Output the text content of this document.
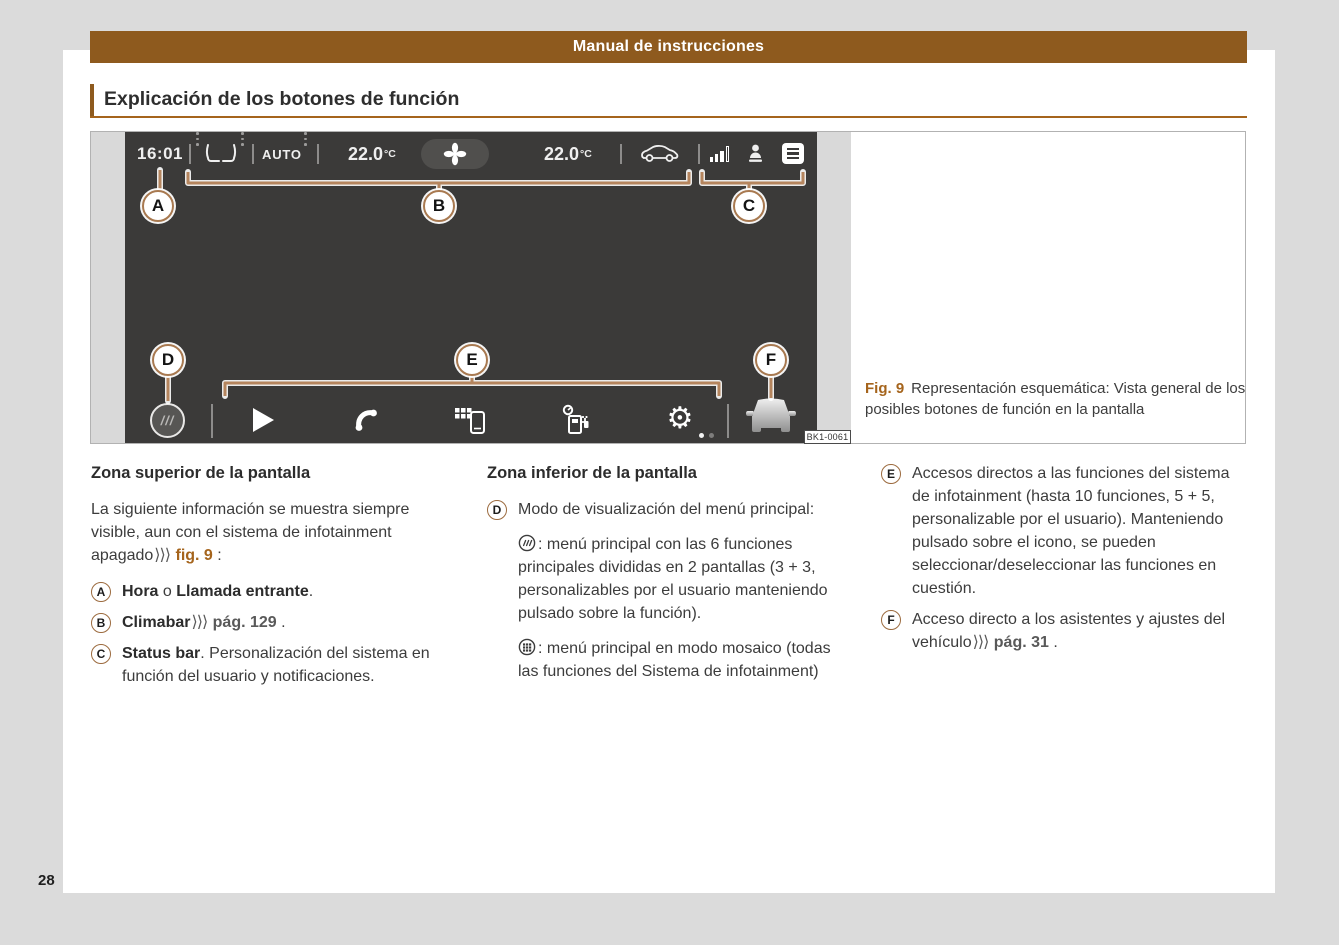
Manual de instrucciones
Explicación de los botones de función
16:01	AUTO	22.0 °C	22.0 °C
///	⚙
A	B	C
D	E	F
BK1-0061
Fig. 9 Representación esquemática: Vista general de los posibles botones de función en la pantalla
Zona superior de la pantalla

La siguiente información se muestra siempre visible, aun con el sistema de infotainment apagado⟩⟩⟩ fig. 9 :

A	Hora o Llamada entrante.
B	Climabar⟩⟩⟩ pág. 129 .
C	Status bar. Personalización del sistema en función del usuario y notificaciones.
Zona inferior de la pantalla
D	Modo de visualización del menú principal:

: menú principal con las 6 funciones principales divididas en 2 pantallas (3 + 3, personalizables por el usuario manteniendo pulsado sobre la función).

: menú principal en modo mosaico (todas las funciones del Sistema de infotainment)

E	Accesos directos a las funciones del sistema de infotainment (hasta 10 funciones, 5 + 5, personalizable por el usuario). Manteniendo pulsado sobre el icono, se pueden seleccionar/deseleccionar las funciones en cuestión.
F	Acceso directo a los asistentes y ajustes del vehículo⟩⟩⟩ pág. 31 .
28
